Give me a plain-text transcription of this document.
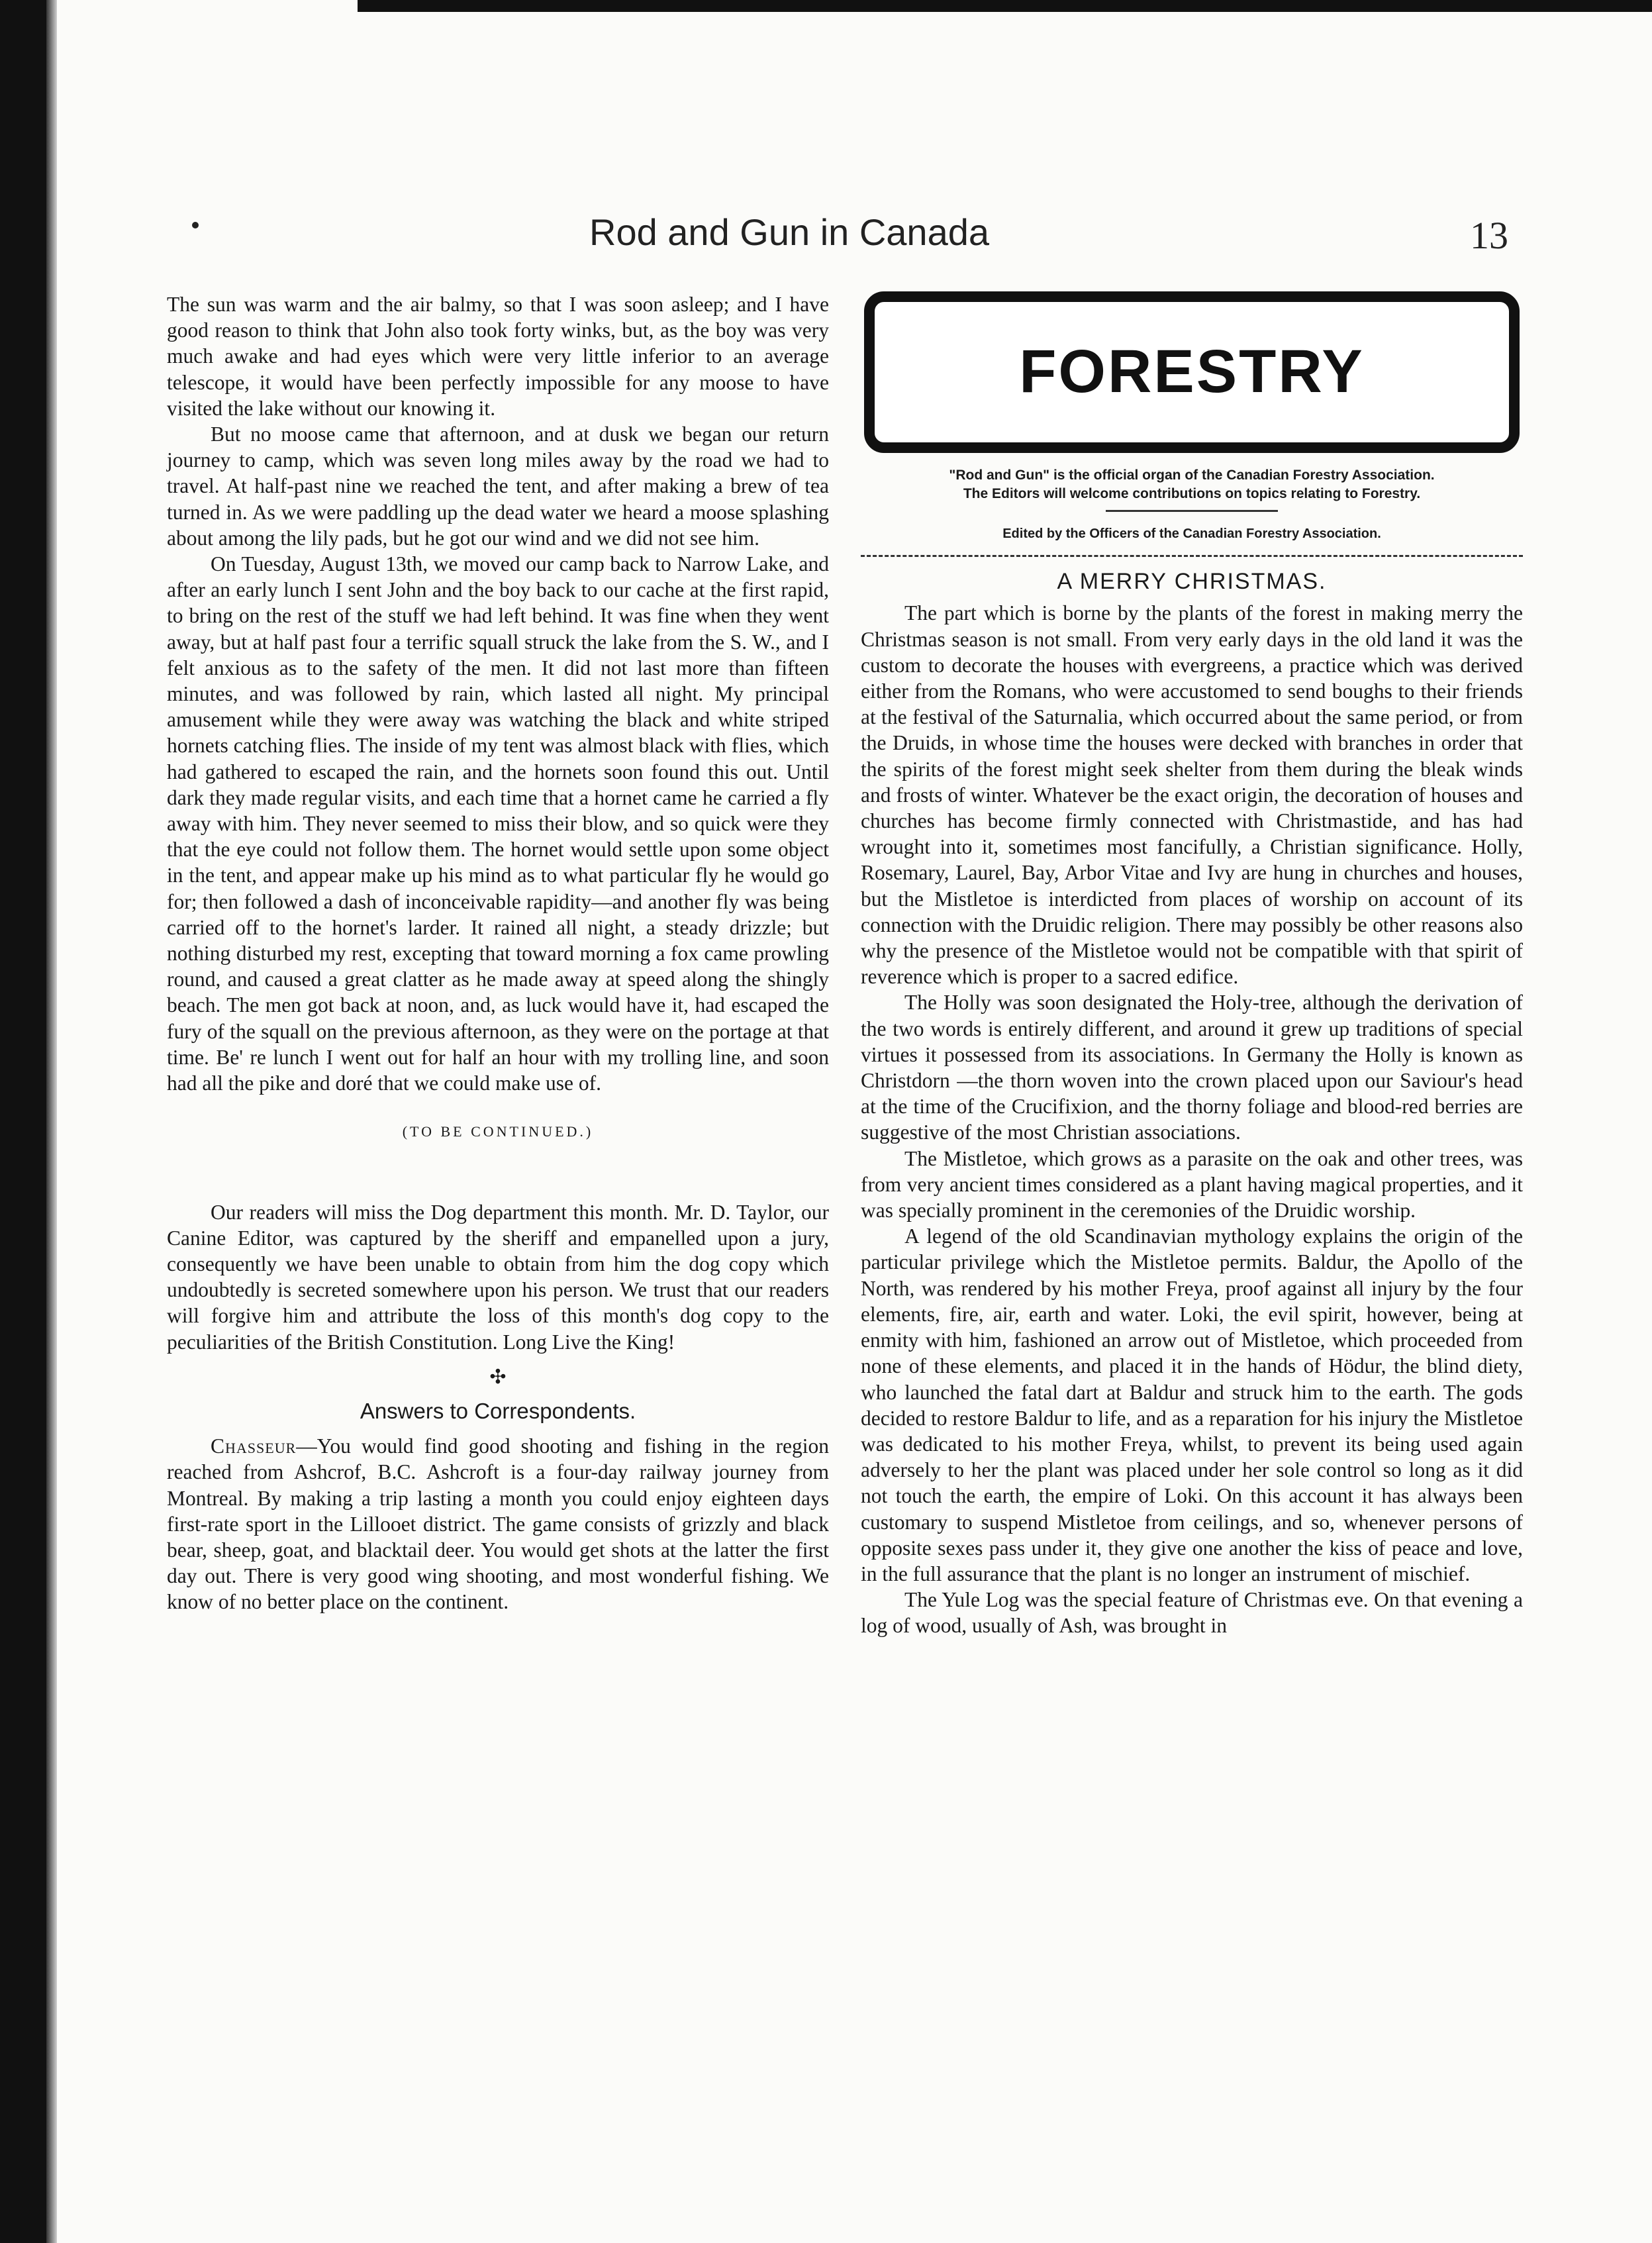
Rod and Gun in Canada	13

The sun was warm and the air balmy, so that I was soon asleep; and I have good reason to think that John also took forty winks, but, as the boy was very much awake and had eyes which were very little inferior to an average telescope, it would have been perfectly impossible for any moose to have visited the lake without our knowing it.

But no moose came that afternoon, and at dusk we began our return journey to camp, which was seven long miles away by the road we had to travel. At half-past nine we reached the tent, and after making a brew of tea turned in. As we were paddling up the dead water we heard a moose splashing about among the lily pads, but he got our wind and we did not see him.

On Tuesday, August 13th, we moved our camp back to Narrow Lake, and after an early lunch I sent John and the boy back to our cache at the first rapid, to bring on the rest of the stuff we had left behind. It was fine when they went away, but at half past four a terrific squall struck the lake from the S. W., and I felt anxious as to the safety of the men. It did not last more than fifteen minutes, and was followed by rain, which lasted all night. My principal amusement while they were away was watching the black and white striped hornets catching flies. The inside of my tent was almost black with flies, which had gathered to escaped the rain, and the hornets soon found this out. Until dark they made regular visits, and each time that a hornet came he carried a fly away with him. They never seemed to miss their blow, and so quick were they that the eye could not follow them. The hornet would settle upon some object in the tent, and appear make up his mind as to what particular fly he would go for; then followed a dash of inconceivable rapidity—and another fly was being carried off to the hornet's larder. It rained all night, a steady drizzle; but nothing disturbed my rest, excepting that toward morning a fox came prowling round, and caused a great clatter as he made away at speed along the shingly beach. The men got back at noon, and, as luck would have it, had escaped the fury of the squall on the previous afternoon, as they were on the portage at that time. Be' re lunch I went out for half an hour with my trolling line, and soon had all the pike and doré that we could make use of.

(TO BE CONTINUED.)

Our readers will miss the Dog department this month. Mr. D. Taylor, our Canine Editor, was captured by the sheriff and empanelled upon a jury, consequently we have been unable to obtain from him the dog copy which undoubtedly is secreted somewhere upon his person. We trust that our readers will forgive him and attribute the loss of this month's dog copy to the peculiarities of the British Constitution. Long Live the King!

✣
Answers to Correspondents.

Chasseur—You would find good shooting and fishing in the region reached from Ashcrof, B.C. Ashcroft is a four-day railway journey from Montreal. By making a trip lasting a month you could enjoy eighteen days first-rate sport in the Lillooet district. The game consists of grizzly and black bear, sheep, goat, and blacktail deer. You would get shots at the latter the first day out. There is very good wing shooting, and most wonderful fishing. We know of no better place on the continent.

FORESTRY
"Rod and Gun" is the official organ of the Canadian Forestry Association.
The Editors will welcome contributions on topics relating to Forestry.
Edited by the Officers of the Canadian Forestry Association.
A MERRY CHRISTMAS.

The part which is borne by the plants of the forest in making merry the Christmas season is not small. From very early days in the old land it was the custom to decorate the houses with evergreens, a practice which was derived either from the Romans, who were accustomed to send boughs to their friends at the festival of the Saturnalia, which occurred about the same period, or from the Druids, in whose time the houses were decked with branches in order that the spirits of the forest might seek shelter from them during the bleak winds and frosts of winter. Whatever be the exact origin, the decoration of houses and churches has become firmly connected with Christmastide, and has had wrought into it, sometimes most fancifully, a Christian significance. Holly, Rosemary, Laurel, Bay, Arbor Vitae and Ivy are hung in churches and houses, but the Mistletoe is interdicted from places of worship on account of its connection with the Druidic religion. There may possibly be other reasons also why the presence of the Mistletoe would not be compatible with that spirit of reverence which is proper to a sacred edifice.

The Holly was soon designated the Holy-tree, although the derivation of the two words is entirely different, and around it grew up traditions of special virtues it possessed from its associations. In Germany the Holly is known as Christdorn —the thorn woven into the crown placed upon our Saviour's head at the time of the Crucifixion, and the thorny foliage and blood-red berries are suggestive of the most Christian associations.

The Mistletoe, which grows as a parasite on the oak and other trees, was from very ancient times considered as a plant having magical properties, and it was specially prominent in the ceremonies of the Druidic worship.

A legend of the old Scandinavian mythology explains the origin of the particular privilege which the Mistletoe permits. Baldur, the Apollo of the North, was rendered by his mother Freya, proof against all injury by the four elements, fire, air, earth and water. Loki, the evil spirit, however, being at enmity with him, fashioned an arrow out of Mistletoe, which proceeded from none of these elements, and placed it in the hands of Hödur, the blind diety, who launched the fatal dart at Baldur and struck him to the earth. The gods decided to restore Baldur to life, and as a reparation for his injury the Mistletoe was dedicated to his mother Freya, whilst, to prevent its being used again adversely to her the plant was placed under her sole control so long as it did not touch the earth, the empire of Loki. On this account it has always been customary to suspend Mistletoe from ceilings, and so, whenever persons of opposite sexes pass under it, they give one another the kiss of peace and love, in the full assurance that the plant is no longer an instrument of mischief.

The Yule Log was the special feature of Christmas eve. On that evening a log of wood, usually of Ash, was brought in
